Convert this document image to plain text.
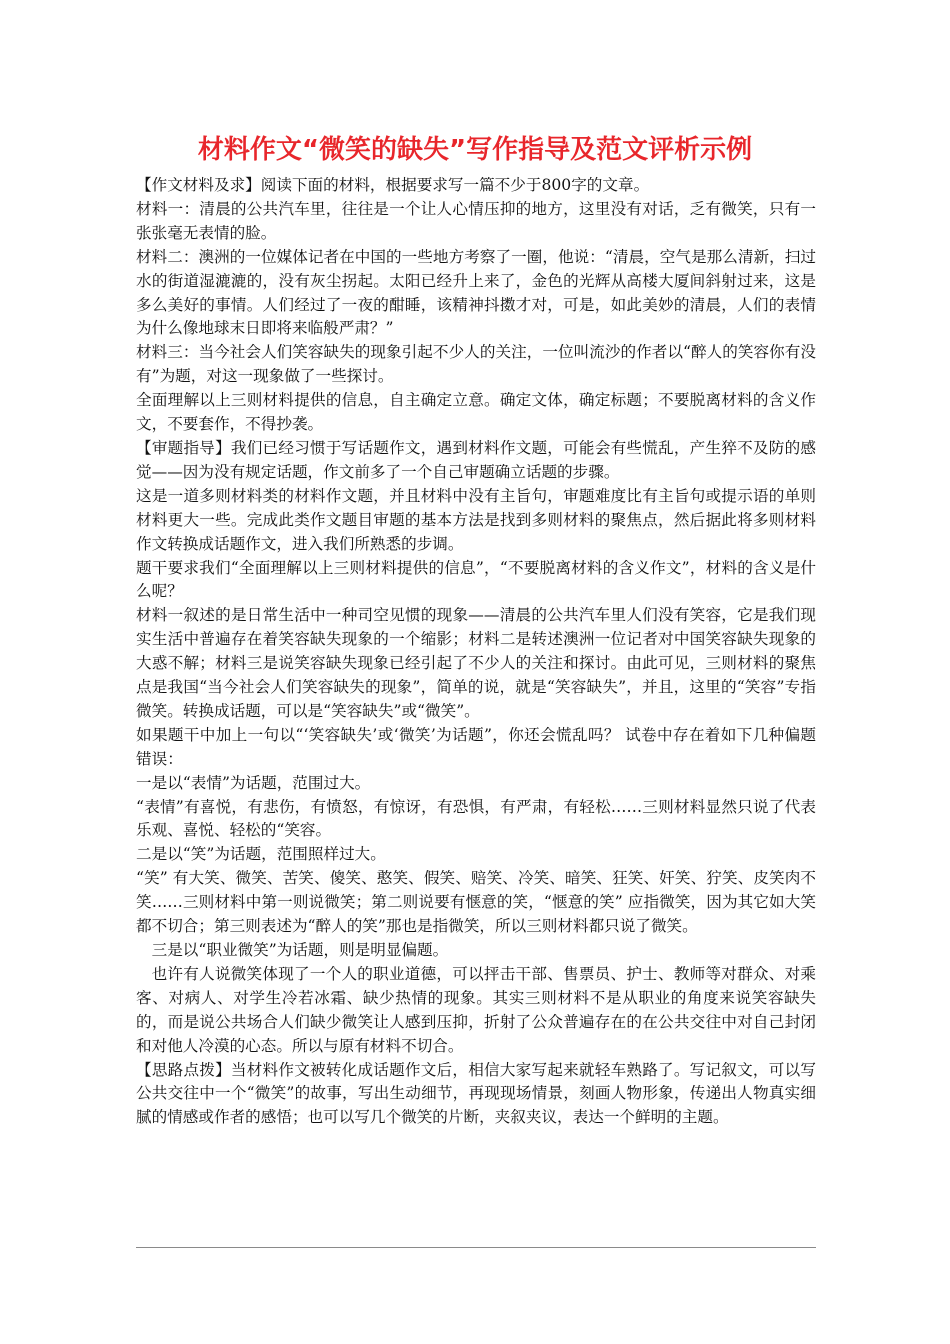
材料作文“微笑的缺失”写作指导及范文评析示例

【作文材料及求】阅读下面的材料，根据要求写一篇不少于800字的文章。

材料一：清晨的公共汽车里，往往是一个让人心情压抑的地方，这里没有对话，乏有微笑，只有一张张毫无表情的脸。

材料二：澳洲的一位媒体记者在中国的一些地方考察了一圈，他说：“清晨，空气是那么清新，扫过水的街道湿漉漉的，没有灰尘拐起。太阳已经升上来了，金色的光辉从高楼大厦间斜射过来，这是多么美好的事情。人们经过了一夜的酣睡，该精神抖擞才对，可是，如此美妙的清晨，人们的表情为什么像地球末日即将来临般严肃？”

材料三：当今社会人们笑容缺失的现象引起不少人的关注，一位叫流沙的作者以“醉人的笑容你有没有”为题，对这一现象做了一些探讨。

全面理解以上三则材料提供的信息，自主确定立意。确定文体，确定标题；不要脱离材料的含义作文，不要套作，不得抄袭。

【审题指导】我们已经习惯于写话题作文，遇到材料作文题，可能会有些慌乱，产生猝不及防的感觉——因为没有规定话题，作文前多了一个自己审题确立话题的步骤。

这是一道多则材料类的材料作文题，并且材料中没有主旨句，审题难度比有主旨句或提示语的单则材料更大一些。完成此类作文题目审题的基本方法是找到多则材料的聚焦点，然后据此将多则材料作文转换成话题作文，进入我们所熟悉的步调。

题干要求我们“全面理解以上三则材料提供的信息”，“不要脱离材料的含义作文”，材料的含义是什么呢？

材料一叙述的是日常生活中一种司空见惯的现象——清晨的公共汽车里人们没有笑容，它是我们现实生活中普遍存在着笑容缺失现象的一个缩影；材料二是转述澳洲一位记者对中国笑容缺失现象的大惑不解；材料三是说笑容缺失现象已经引起了不少人的关注和探讨。由此可见，三则材料的聚焦点是我国“当今社会人们笑容缺失的现象”，简单的说，就是“笑容缺失”，并且，这里的“笑容”专指微笑。转换成话题，可以是“笑容缺失”或“微笑”。

如果题干中加上一句以“‘笑容缺失’或‘微笑’为话题”，你还会慌乱吗？ 试卷中存在着如下几种偏题错误：

一是以“表情”为话题，范围过大。

“表情”有喜悦，有悲伤，有愤怒，有惊讶，有恐惧，有严肃，有轻松……三则材料显然只说了代表乐观、喜悦、轻松的“笑容。

二是以“笑”为话题，范围照样过大。

“笑” 有大笑、微笑、苦笑、傻笑、憨笑、假笑、赔笑、冷笑、暗笑、狂笑、奸笑、狞笑、皮笑肉不笑……三则材料中第一则说微笑；第二则说要有惬意的笑，“惬意的笑” 应指微笑，因为其它如大笑都不切合；第三则表述为“醉人的笑”那也是指微笑，所以三则材料都只说了微笑。

三是以“职业微笑”为话题，则是明显偏题。

也许有人说微笑体现了一个人的职业道德，可以抨击干部、售票员、护士、教师等对群众、对乘客、对病人、对学生冷若冰霜、缺少热情的现象。其实三则材料不是从职业的角度来说笑容缺失的，而是说公共场合人们缺少微笑让人感到压抑，折射了公众普遍存在的在公共交往中对自己封闭和对他人冷漠的心态。所以与原有材料不切合。

【思路点拨】当材料作文被转化成话题作文后，相信大家写起来就轻车熟路了。写记叙文，可以写公共交往中一个“微笑”的故事，写出生动细节，再现现场情景，刻画人物形象，传递出人物真实细腻的情感或作者的感悟；也可以写几个微笑的片断，夹叙夹议，表达一个鲜明的主题。
